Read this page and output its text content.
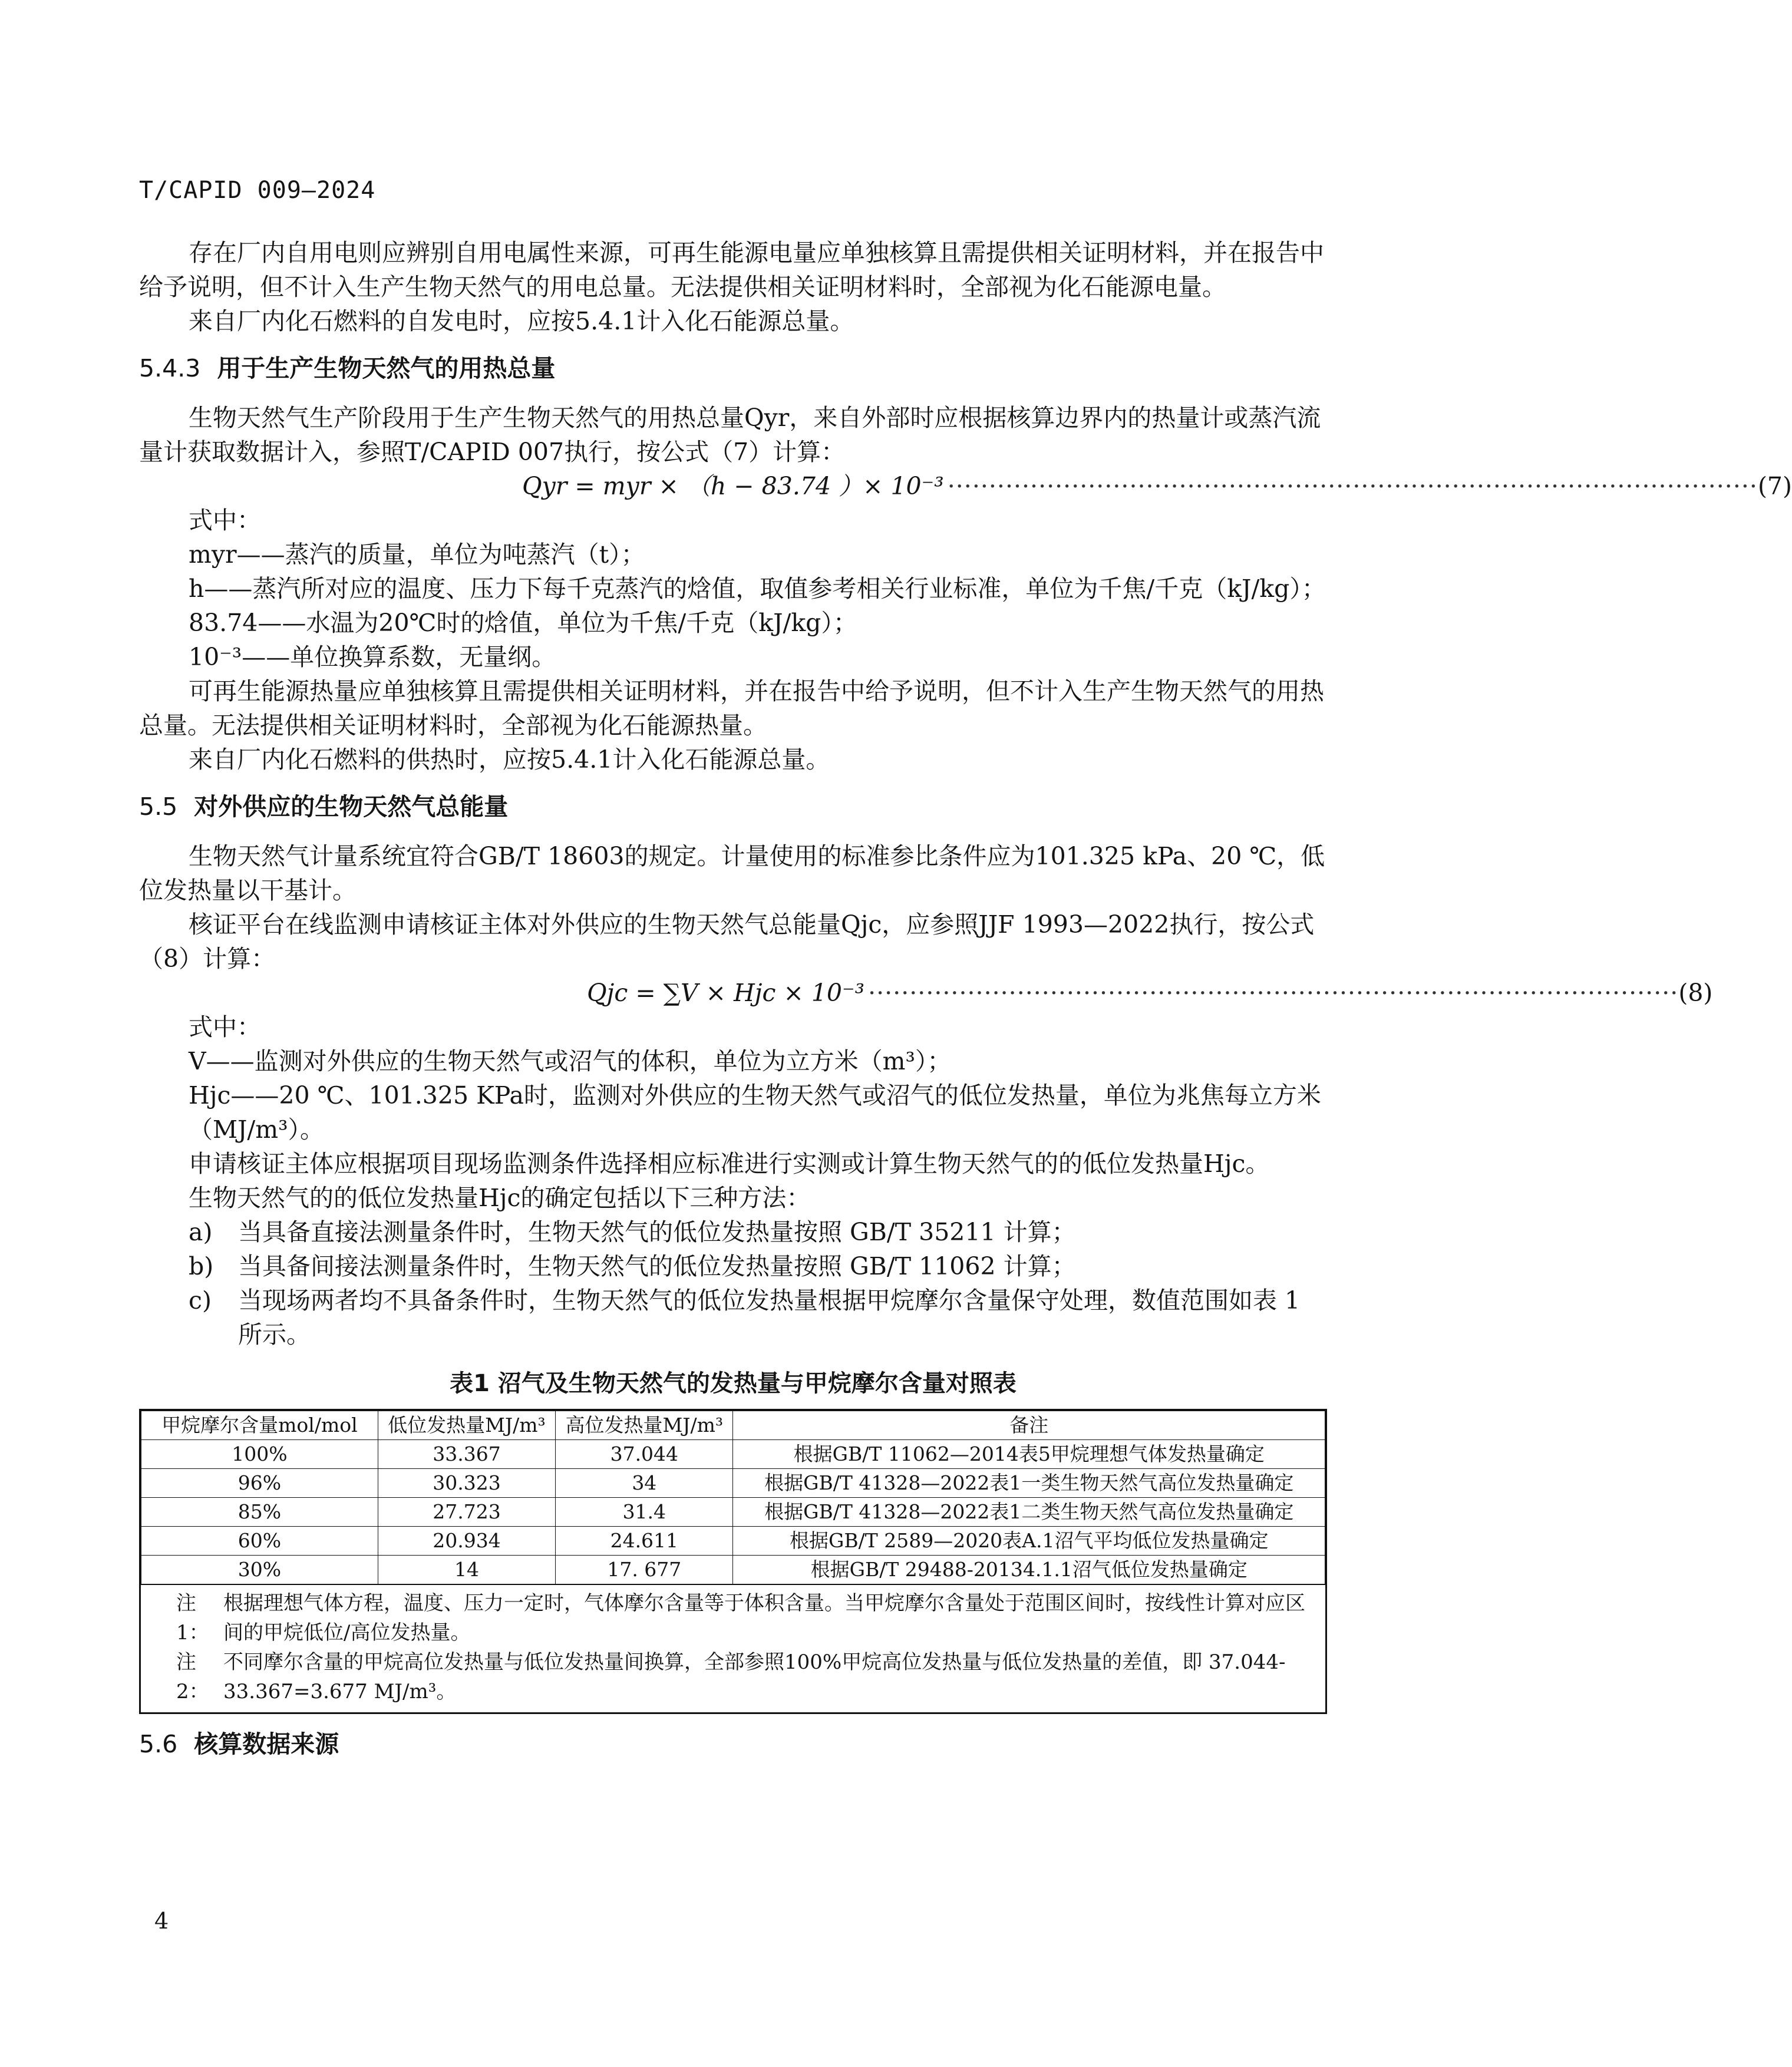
T/CAPID 009—2024

存在厂内自用电则应辨别自用电属性来源，可再生能源电量应单独核算且需提供相关证明材料，并在报告中给予说明，但不计入生产生物天然气的用电总量。无法提供相关证明材料时，全部视为化石能源电量。

来自厂内化石燃料的自发电时，应按5.4.1计入化石能源总量。

5.4.3 用于生产生物天然气的用热总量

生物天然气生产阶段用于生产生物天然气的用热总量Qyr，来自外部时应根据核算边界内的热量计或蒸汽流量计获取数据计入，参照T/CAPID 007执行，按公式（7）计算：

Qyr = myr × （h − 83.74 ）× 10⁻³ ·································································································· (7)

式中：

myr——蒸汽的质量，单位为吨蒸汽（t）；

h——蒸汽所对应的温度、压力下每千克蒸汽的焓值，取值参考相关行业标准，单位为千焦/千克（kJ/kg）；

83.74——水温为20℃时的焓值，单位为千焦/千克（kJ/kg）；

10⁻³——单位换算系数，无量纲。

可再生能源热量应单独核算且需提供相关证明材料，并在报告中给予说明，但不计入生产生物天然气的用热总量。无法提供相关证明材料时，全部视为化石能源热量。

来自厂内化石燃料的供热时，应按5.4.1计入化石能源总量。

5.5 对外供应的生物天然气总能量

生物天然气计量系统宜符合GB/T 18603的规定。计量使用的标准参比条件应为101.325 kPa、20 ℃，低位发热量以干基计。

核证平台在线监测申请核证主体对外供应的生物天然气总能量Qjc，应参照JJF 1993—2022执行，按公式（8）计算：

Qjc = ∑V × Hjc × 10⁻³ ·································································································· (8)

式中：

V——监测对外供应的生物天然气或沼气的体积，单位为立方米（m³）；

Hjc——20 ℃、101.325 KPa时，监测对外供应的生物天然气或沼气的低位发热量，单位为兆焦每立方米（MJ/m³）。

申请核证主体应根据项目现场监测条件选择相应标准进行实测或计算生物天然气的的低位发热量Hjc。

生物天然气的的低位发热量Hjc的确定包括以下三种方法：

a)	当具备直接法测量条件时，生物天然气的低位发热量按照 GB/T 35211 计算；
b)	当具备间接法测量条件时，生物天然气的低位发热量按照 GB/T 11062 计算；
c)	当现场两者均不具备条件时，生物天然气的低位发热量根据甲烷摩尔含量保守处理，数值范围如表 1 所示。
表1 沼气及生物天然气的发热量与甲烷摩尔含量对照表
甲烷摩尔含量mol/mol	低位发热量MJ/m³	高位发热量MJ/m³	备注
100%	33.367	37.044	根据GB/T 11062—2014表5甲烷理想气体发热量确定
96%	30.323	34	根据GB/T 41328—2022表1一类生物天然气高位发热量确定
85%	27.723	31.4	根据GB/T 41328—2022表1二类生物天然气高位发热量确定
60%	20.934	24.611	根据GB/T 2589—2020表A.1沼气平均低位发热量确定
30%	14	17. 677	根据GB/T 29488-20134.1.1沼气低位发热量确定
注1：
根据理想气体方程，温度、压力一定时，气体摩尔含量等于体积含量。当甲烷摩尔含量处于范围区间时，按线性计算对应区间的甲烷低位/高位发热量。
注2：
不同摩尔含量的甲烷高位发热量与低位发热量间换算，全部参照100%甲烷高位发热量与低位发热量的差值，即 37.044-33.367=3.677 MJ/m³。
5.6 核算数据来源
4
